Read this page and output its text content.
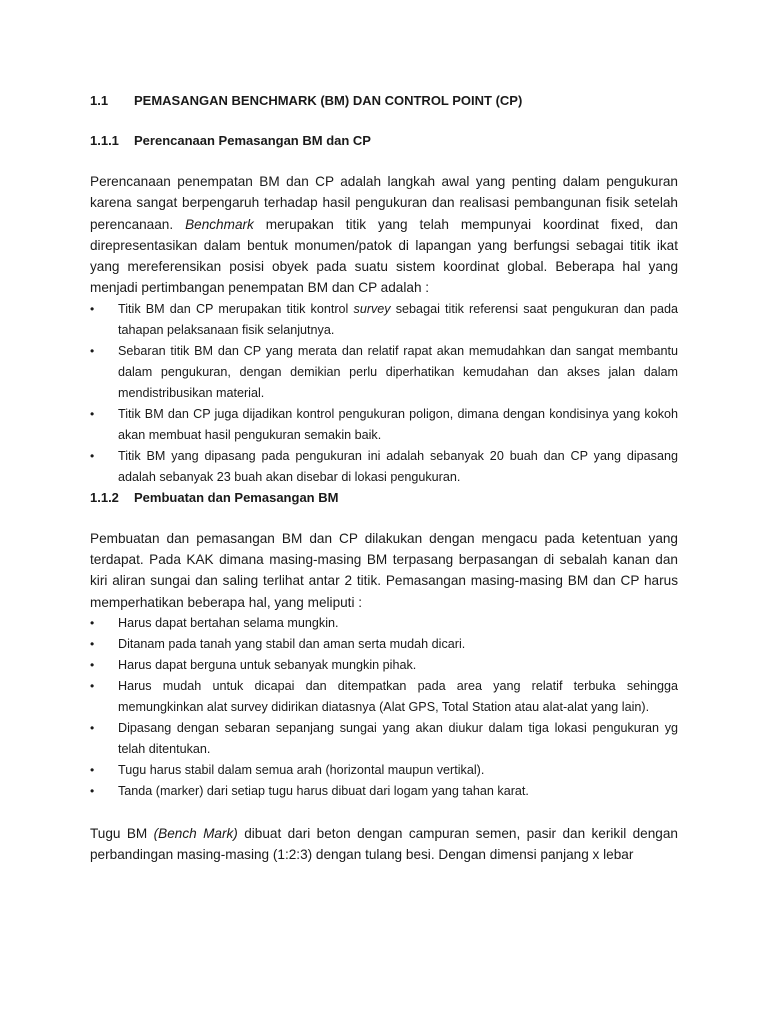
1.1 PEMASANGAN BENCHMARK (BM) DAN CONTROL POINT (CP)
1.1.1 Perencanaan Pemasangan BM dan CP

Perencanaan penempatan BM dan CP adalah langkah awal yang penting dalam pengukuran karena sangat berpengaruh terhadap hasil pengukuran dan realisasi pembangunan fisik setelah perencanaan. Benchmark merupakan titik yang telah mempunyai koordinat fixed, dan direpresentasikan dalam bentuk monumen/patok di lapangan yang berfungsi sebagai titik ikat yang mereferensikan posisi obyek pada suatu sistem koordinat global. Beberapa hal yang menjadi pertimbangan penempatan BM dan CP adalah :

• Titik BM dan CP merupakan titik kontrol survey sebagai titik referensi saat pengukuran dan pada tahapan pelaksanaan fisik selanjutnya.
• Sebaran titik BM dan CP yang merata dan relatif rapat akan memudahkan dan sangat membantu dalam pengukuran, dengan demikian perlu diperhatikan kemudahan dan akses jalan dalam mendistribusikan material.
• Titik BM dan CP juga dijadikan kontrol pengukuran poligon, dimana dengan kondisinya yang kokoh akan membuat hasil pengukuran semakin baik.
• Titik BM yang dipasang pada pengukuran ini adalah sebanyak 20 buah dan CP yang dipasang adalah sebanyak 23 buah akan disebar di lokasi pengukuran.
1.1.2 Pembuatan dan Pemasangan BM

Pembuatan dan pemasangan BM dan CP dilakukan dengan mengacu pada ketentuan yang terdapat. Pada KAK dimana masing-masing BM terpasang berpasangan di sebalah kanan dan kiri aliran sungai dan saling terlihat antar 2 titik. Pemasangan masing-masing BM dan CP harus memperhatikan beberapa hal, yang meliputi :

• Harus dapat bertahan selama mungkin.
• Ditanam pada tanah yang stabil dan aman serta mudah dicari.
• Harus dapat berguna untuk sebanyak mungkin pihak.
• Harus mudah untuk dicapai dan ditempatkan pada area yang relatif terbuka sehingga memungkinkan alat survey didirikan diatasnya (Alat GPS, Total Station atau alat-alat yang lain).
• Dipasang dengan sebaran sepanjang sungai yang akan diukur dalam tiga lokasi pengukuran yg telah ditentukan.
• Tugu harus stabil dalam semua arah (horizontal maupun vertikal).
• Tanda (marker) dari setiap tugu harus dibuat dari logam yang tahan karat.

Tugu BM (Bench Mark) dibuat dari beton dengan campuran semen, pasir dan kerikil dengan perbandingan masing-masing (1:2:3) dengan tulang besi. Dengan dimensi panjang x lebar
